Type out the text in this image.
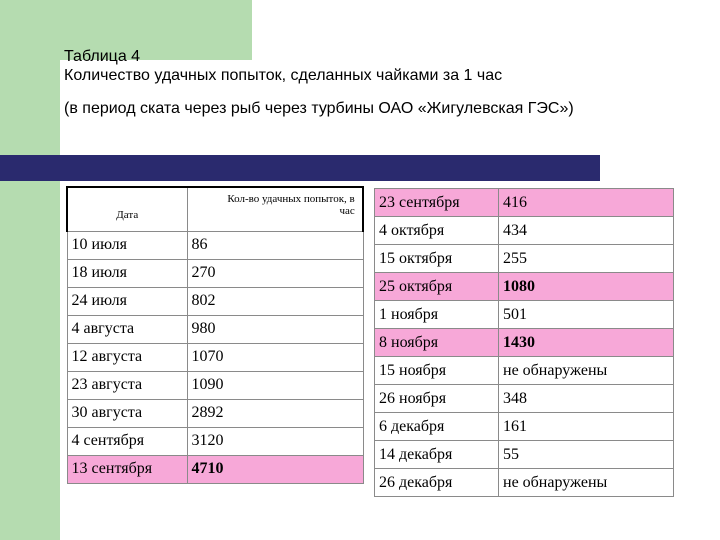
Таблица 4
Количество удачных попыток, сделанных чайками за 1 час
(в период ската через рыб через турбины ОАО «Жигулевская ГЭС»)
Дата	Кол-во удачных попыток, в час
10 июля	86
18 июля	270
24 июля	802
4 августа	980
12 августа	1070
23 августа	1090
30 августа	2892
4 сентября	3120
13 сентября	4710
23 сентября	416
4 октября	434
15 октября	255
25 октября	1080
1 ноября	501
8 ноября	1430
15 ноября	не обнаружены
26 ноября	348
6 декабря	161
14 декабря	55
26 декабря	не обнаружены
